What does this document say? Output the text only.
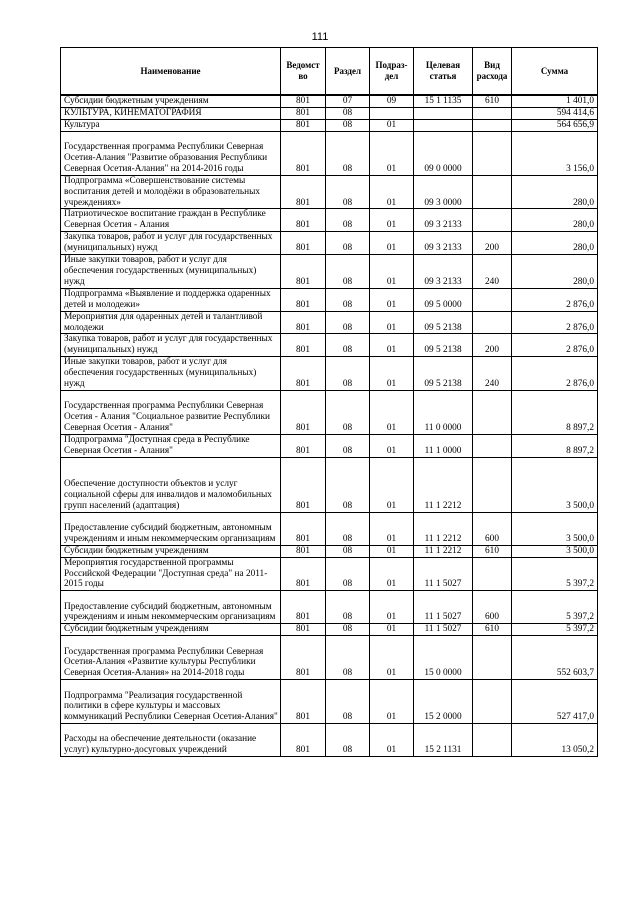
111
Наименование	Ведомст во	Раздел	Подраз- дел	Целевая статья	Вид расхода	Сумма
Субсидии бюджетным учреждениям	801	07	09	15 1 1135	610	1 401,0
КУЛЬТУРА, КИНЕМАТОГРАФИЯ	801	08				594 414,6
Культура	801	08	01			564 656,9
Государственная программа Республики Северная Осетия-Алания "Развитие образования Республики Северная Осетия-Алания" на 2014-2016 годы	801	08	01	09 0 0000		3 156,0
Подпрограмма «Совершенствование системы воспитания детей и молодёжи в образовательных учреждениях»	801	08	01	09 3 0000		280,0
Патриотическое воспитание граждан в Республике Северная Осетия - Алания	801	08	01	09 3 2133		280,0
Закупка товаров, работ и услуг для государственных (муниципальных) нужд	801	08	01	09 3 2133	200	280,0
Иные закупки товаров, работ и услуг для обеспечения государственных (муниципальных) нужд	801	08	01	09 3 2133	240	280,0
Подпрограмма «Выявление и поддержка одаренных детей и молодежи»	801	08	01	09 5 0000		2 876,0
Мероприятия для одаренных детей и талантливой молодежи	801	08	01	09 5 2138		2 876,0
Закупка товаров, работ и услуг для государственных (муниципальных) нужд	801	08	01	09 5 2138	200	2 876,0
Иные закупки товаров, работ и услуг для обеспечения государственных (муниципальных) нужд	801	08	01	09 5 2138	240	2 876,0
Государственная программа Республики Северная Осетия - Алания "Социальное развитие Республики Северная Осетия - Алания"	801	08	01	11 0 0000		8 897,2
Подпрограмма "Доступная среда в Республике Северная Осетия - Алания"	801	08	01	11 1 0000		8 897,2
Обеспечение доступности объектов и услуг социальной сферы для инвалидов и маломобильных групп населений (адаптация)	801	08	01	11 1 2212		3 500,0
Предоставление субсидий бюджетным, автономным учреждениям и иным некоммерческим организациям	801	08	01	11 1 2212	600	3 500,0
Субсидии бюджетным учреждениям	801	08	01	11 1 2212	610	3 500,0
Мероприятия государственной программы Российской Федерации "Доступная среда" на 2011-2015 годы	801	08	01	11 1 5027		5 397,2
Предоставление субсидий бюджетным, автономным учреждениям и иным некоммерческим организациям	801	08	01	11 1 5027	600	5 397,2
Субсидии бюджетным учреждениям	801	08	01	11 1 5027	610	5 397,2
Государственная программа Республики Северная Осетия-Алания «Развитие культуры Республики Северная Осетия-Алания» на 2014-2018 годы	801	08	01	15 0 0000		552 603,7
Подпрограмма "Реализация государственной политики в сфере культуры и массовых коммуникаций Республики Северная Осетия-Алания"	801	08	01	15 2 0000		527 417,0
Расходы на обеспечение деятельности (оказание услуг) культурно-досуговых учреждений	801	08	01	15 2 1131		13 050,2
